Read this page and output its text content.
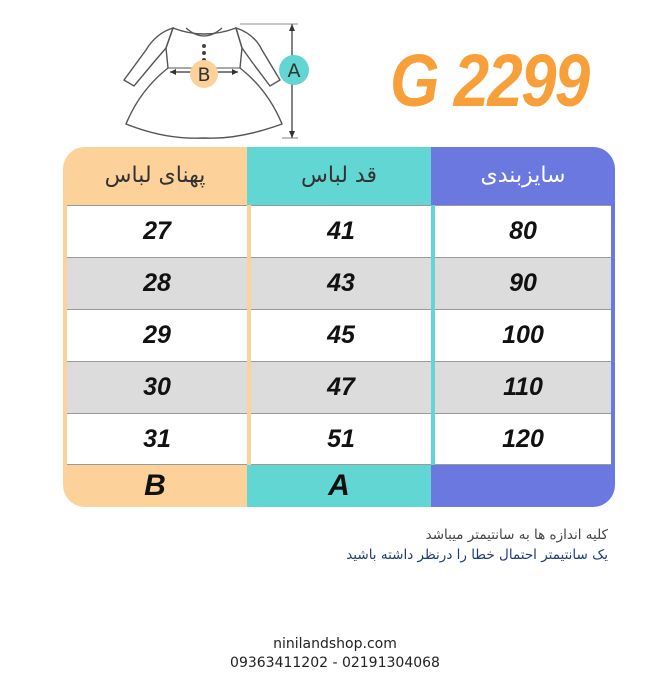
B	A G 2299
پهنای لباس	قد لباس	سایزبندی
27	41	80
28	43	90
29	45	100
30	47	110
31	51	120
B	A
کلیه اندازه ها به سانتیمتر میباشد
یک سانتیمتر احتمال خطا را درنظر داشته باشید
ninilandshop.com
09363411202 - 02191304068
